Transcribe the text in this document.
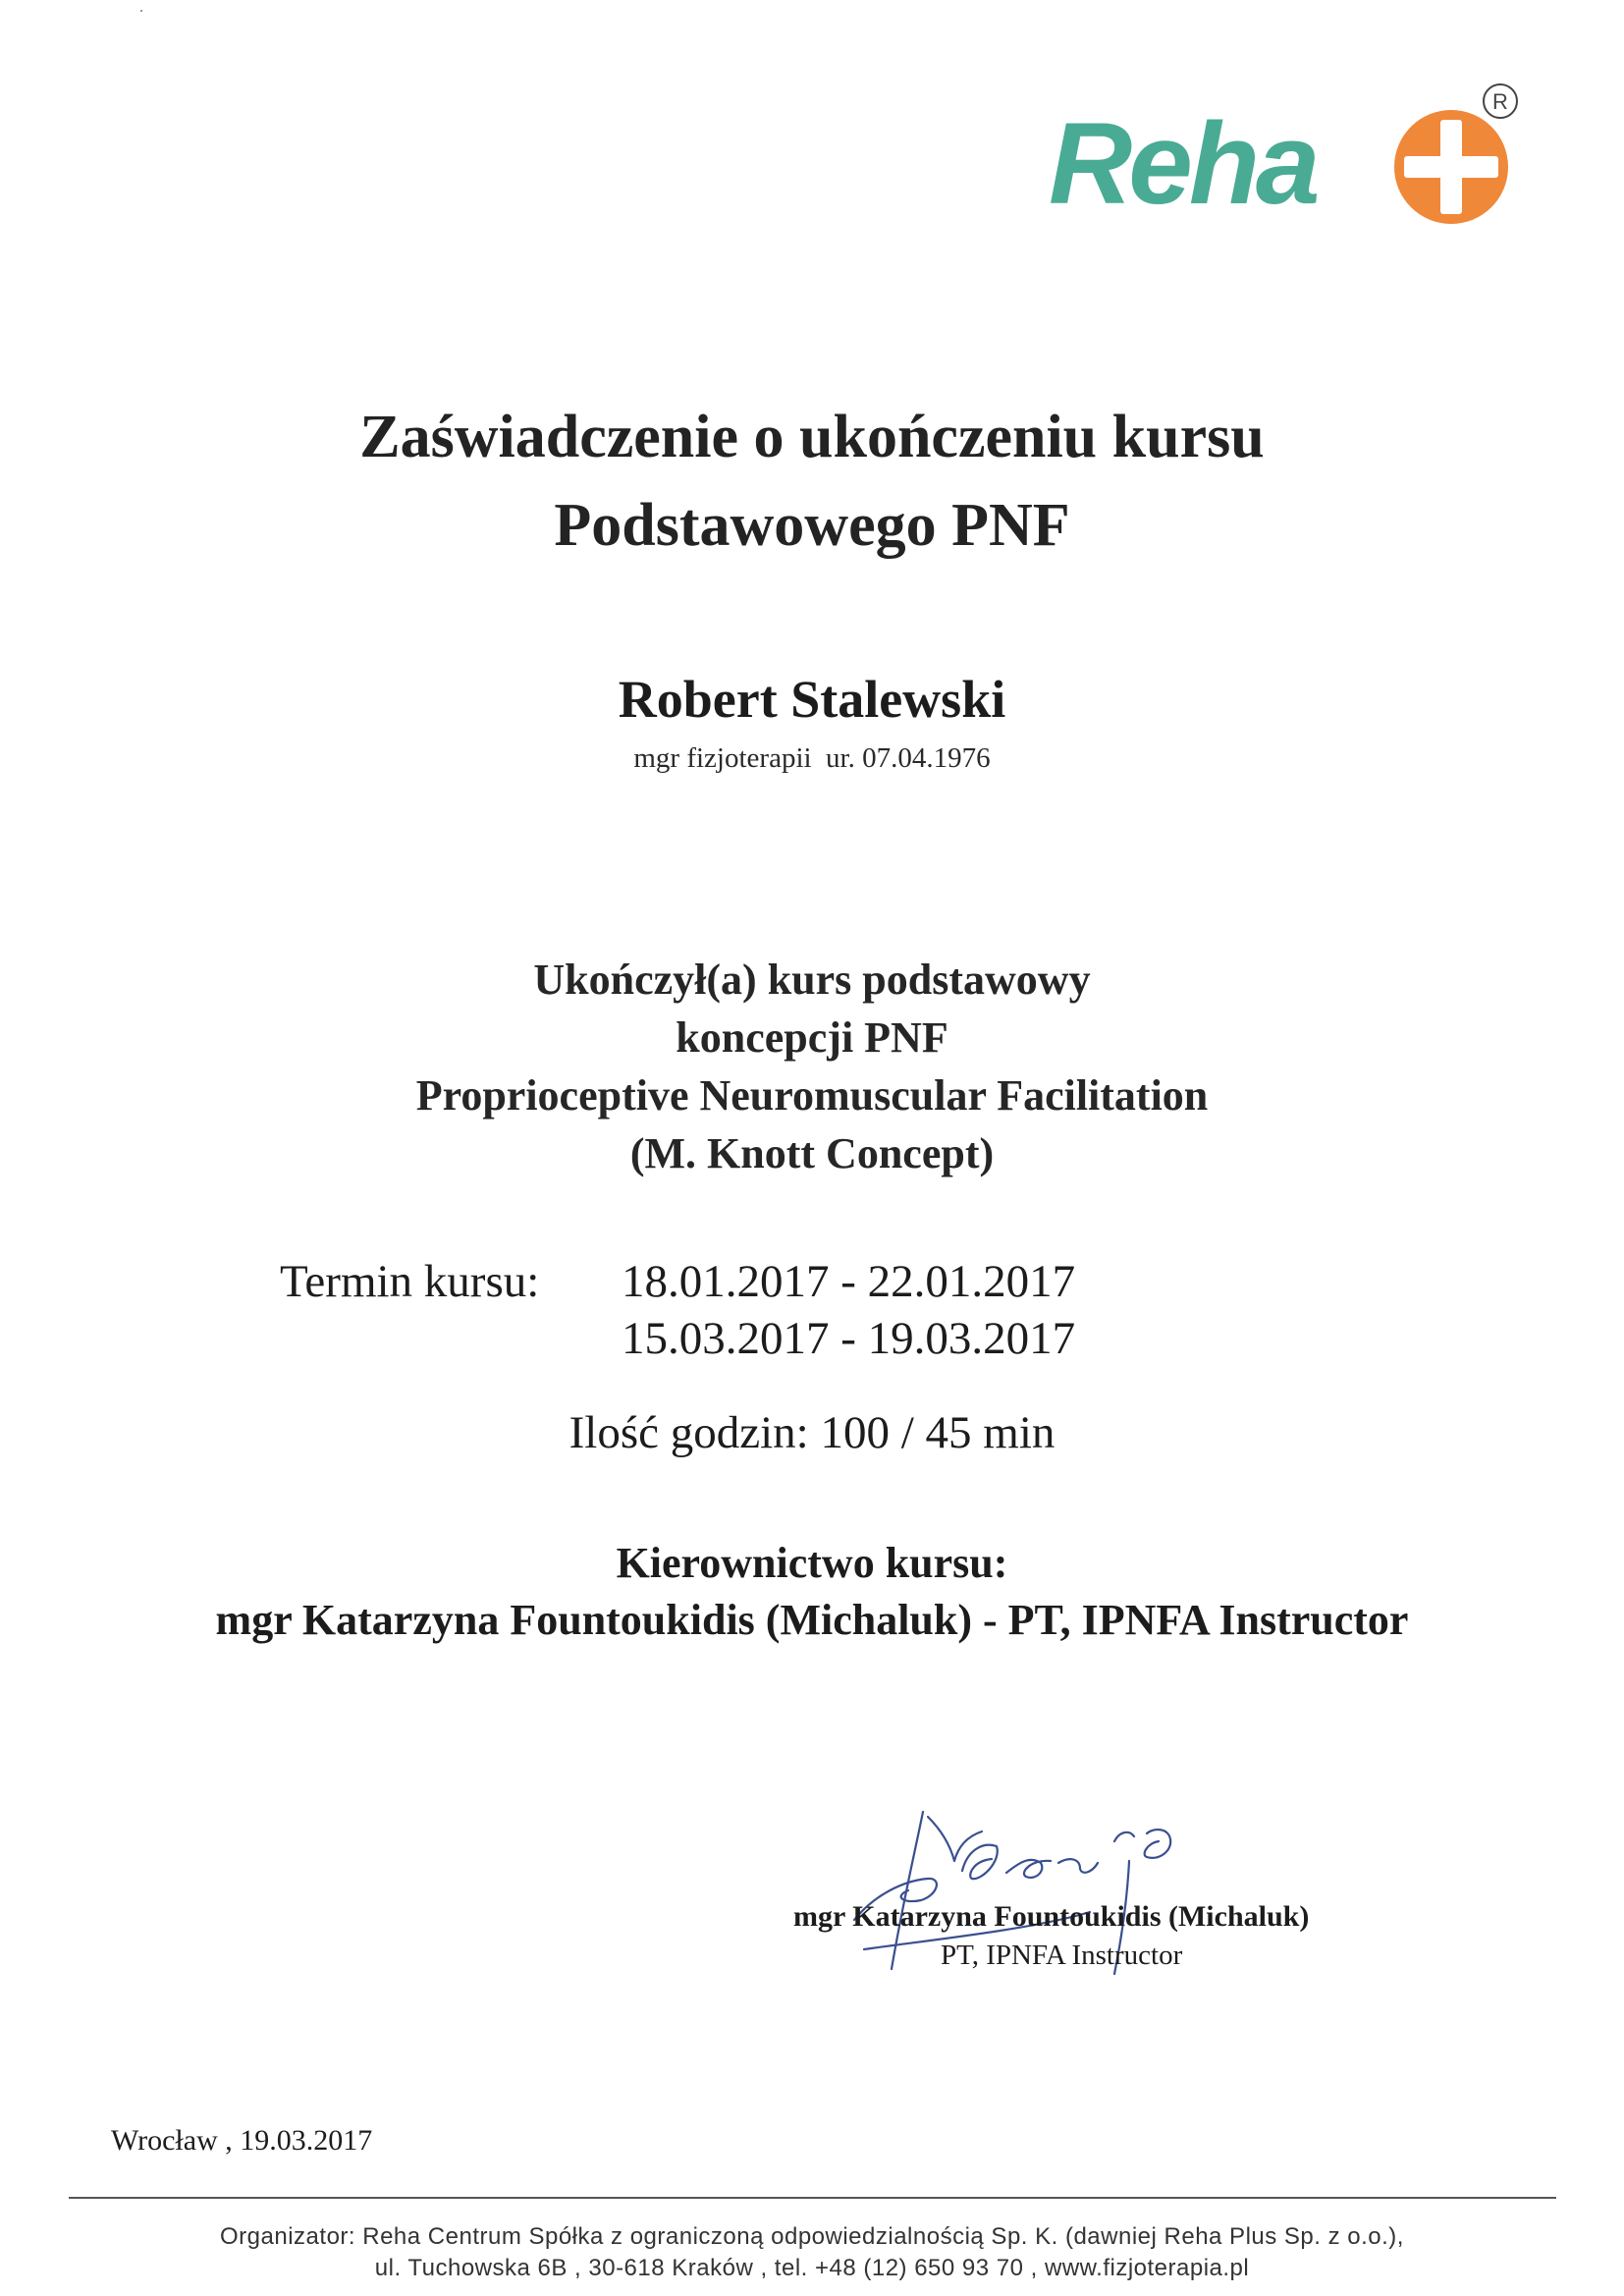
Reha	R
Zaświadczenie o ukończeniu kursu
Podstawowego PNF
Robert Stalewski
mgr fizjoterapii  ur. 07.04.1976
Ukończył(a) kurs podstawowy
koncepcji PNF
Proprioceptive Neuromuscular Facilitation
(M. Knott Concept)
Termin kursu: 18.01.2017 - 22.01.2017
15.03.2017 - 19.03.2017
Ilość godzin: 100 / 45 min
Kierownictwo kursu:
mgr Katarzyna Fountoukidis (Michaluk) - PT, IPNFA Instructor
mgr Katarzyna Fountoukidis (Michaluk)
PT, IPNFA Instructor
Wrocław , 19.03.2017
Organizator: Reha Centrum Spółka z ograniczoną odpowiedzialnością Sp. K. (dawniej Reha Plus Sp. z o.o.),
ul. Tuchowska 6B , 30-618 Kraków , tel. +48 (12) 650 93 70 , www.fizjoterapia.pl
